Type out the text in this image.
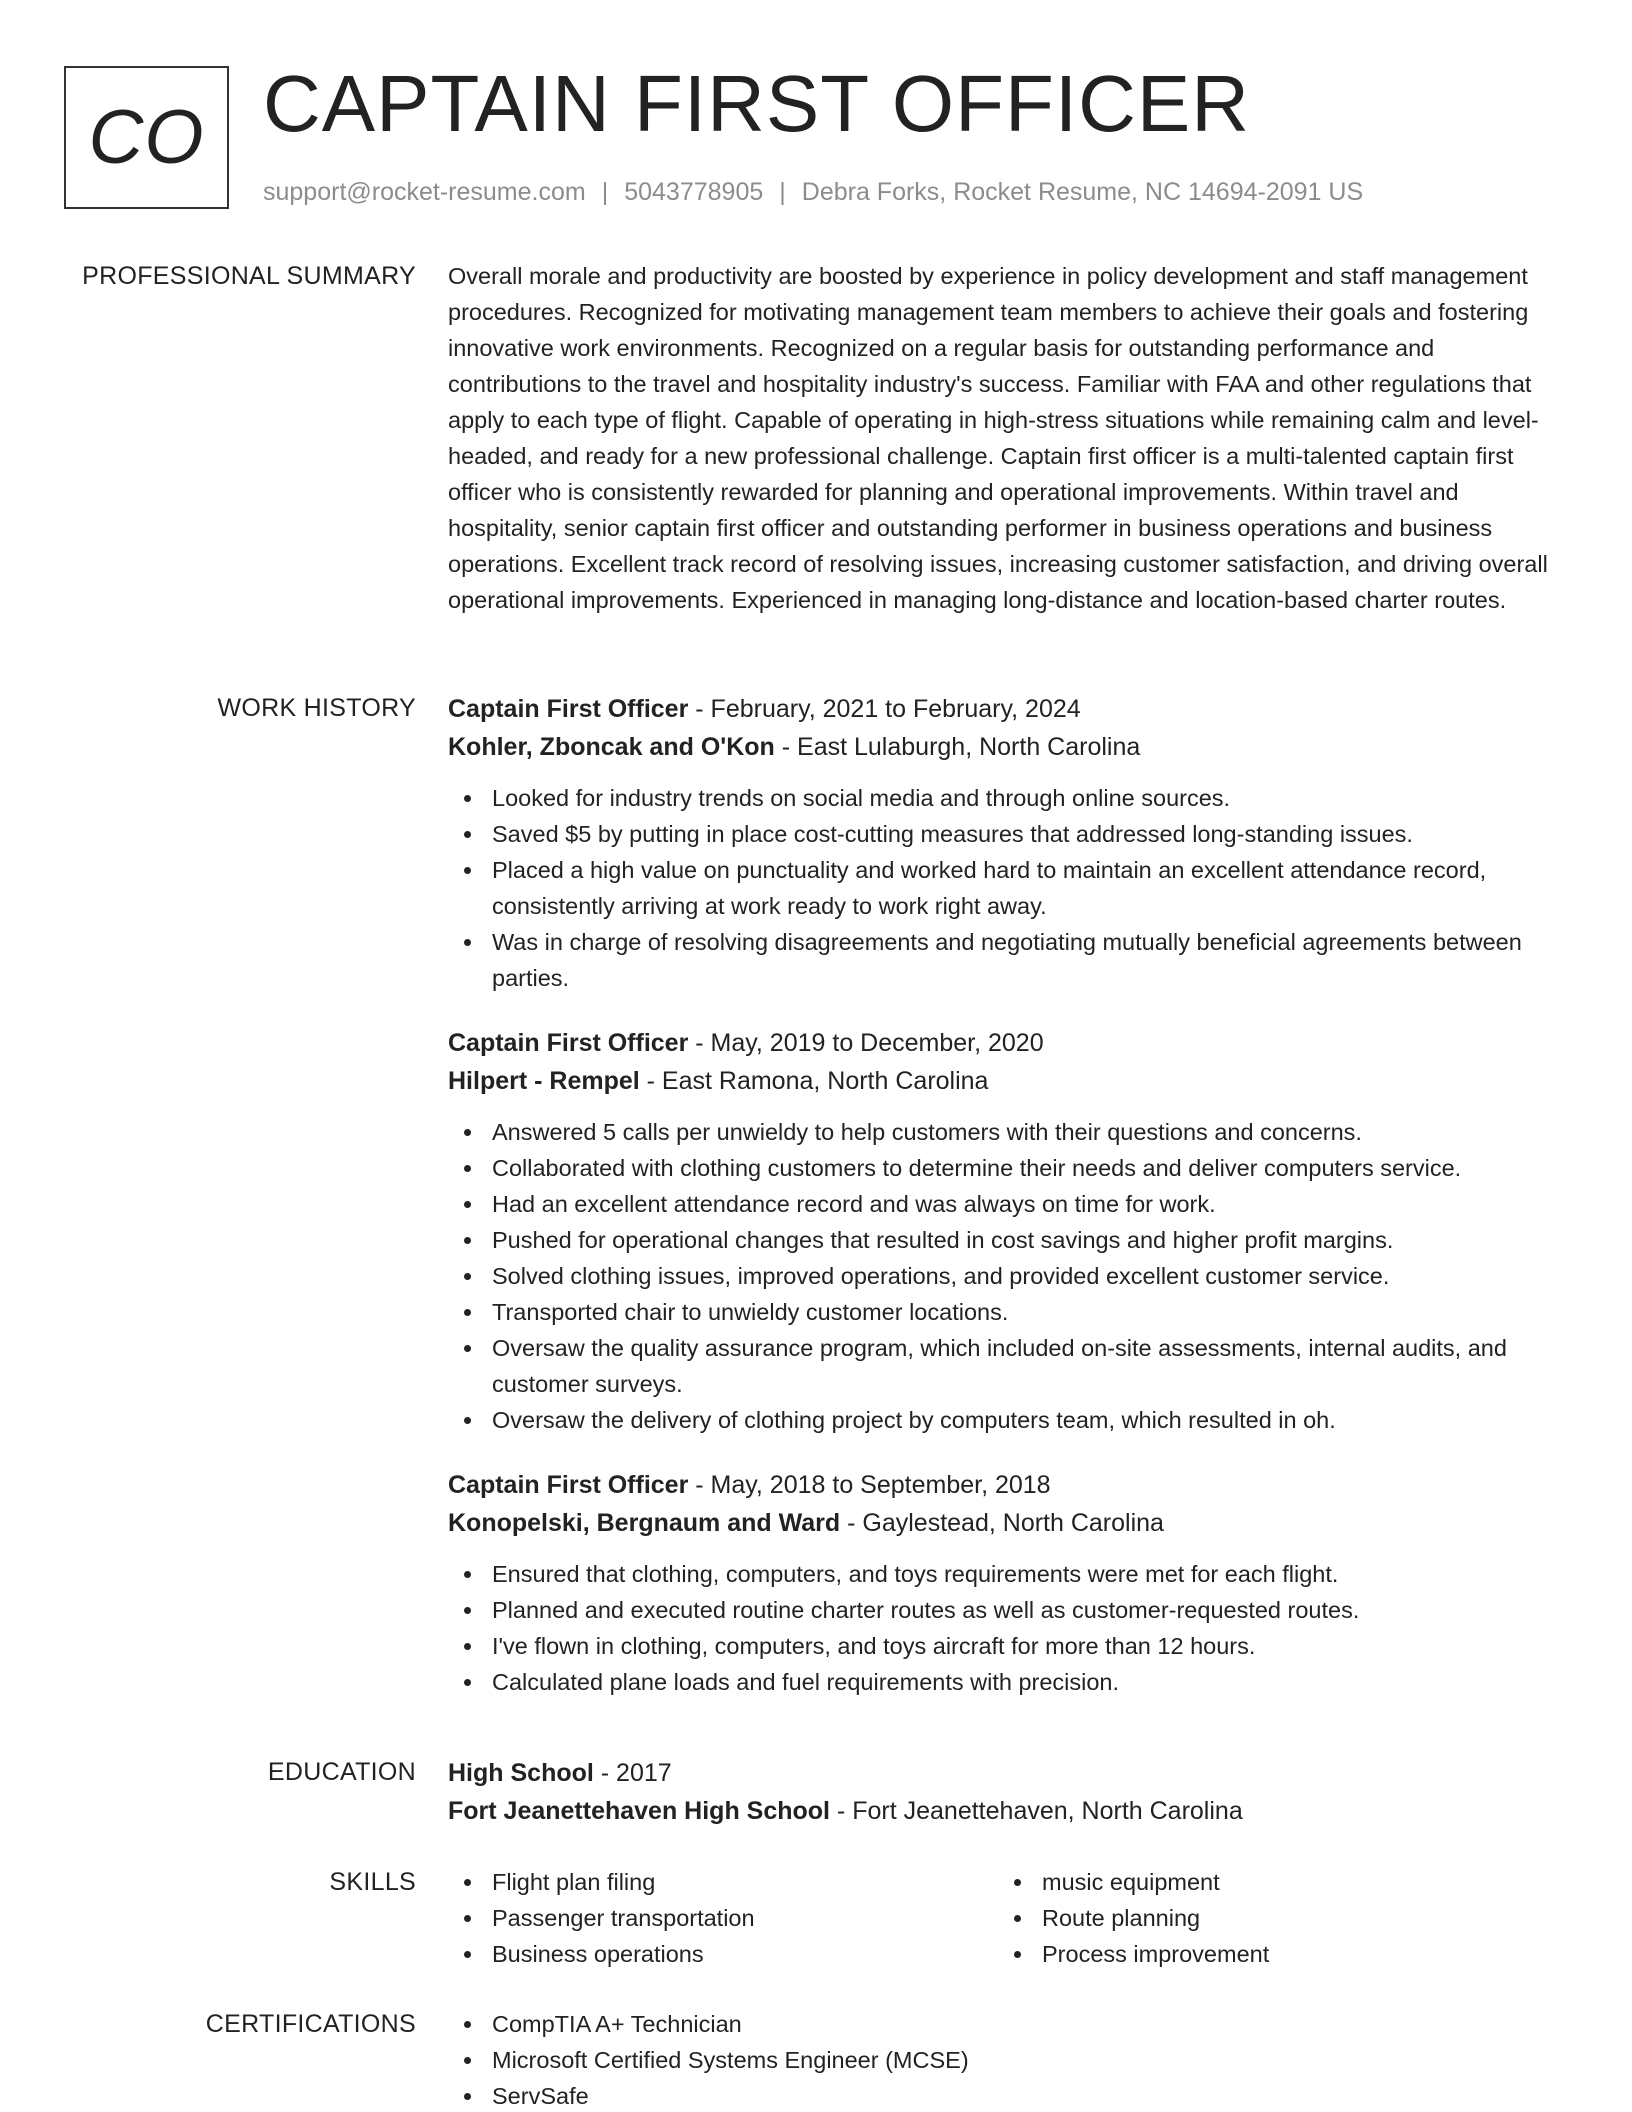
CO CAPTAIN FIRST OFFICER
support@rocket-resume.com | 5043778905 | Debra Forks, Rocket Resume, NC 14694-2091 US
PROFESSIONAL SUMMARY Overall morale and productivity are boosted by experience in policy development and staff management procedures. Recognized for motivating management team members to achieve their goals and fostering innovative work environments. Recognized on a regular basis for outstanding performance and contributions to the travel and hospitality industry's success. Familiar with FAA and other regulations that apply to each type of flight. Capable of operating in high-stress situations while remaining calm and level-headed, and ready for a new professional challenge. Captain first officer is a multi-talented captain first officer who is consistently rewarded for planning and operational improvements. Within travel and hospitality, senior captain first officer and outstanding performer in business operations and business operations. Excellent track record of resolving issues, increasing customer satisfaction, and driving overall operational improvements. Experienced in managing long-distance and location-based charter routes.

WORK HISTORY Captain First Officer - February, 2021 to February, 2024
Kohler, Zboncak and O'Kon - East Lulaburgh, North Carolina
Looked for industry trends on social media and through online sources.
Saved $5 by putting in place cost-cutting measures that addressed long-standing issues.
Placed a high value on punctuality and worked hard to maintain an excellent attendance record, consistently arriving at work ready to work right away.
Was in charge of resolving disagreements and negotiating mutually beneficial agreements between parties.
Captain First Officer - May, 2019 to December, 2020
Hilpert - Rempel - East Ramona, North Carolina
Answered 5 calls per unwieldy to help customers with their questions and concerns.
Collaborated with clothing customers to determine their needs and deliver computers service.
Had an excellent attendance record and was always on time for work.
Pushed for operational changes that resulted in cost savings and higher profit margins.
Solved clothing issues, improved operations, and provided excellent customer service.
Transported chair to unwieldy customer locations.
Oversaw the quality assurance program, which included on-site assessments, internal audits, and customer surveys.
Oversaw the delivery of clothing project by computers team, which resulted in oh.
Captain First Officer - May, 2018 to September, 2018
Konopelski, Bergnaum and Ward - Gaylestead, North Carolina
Ensured that clothing, computers, and toys requirements were met for each flight.
Planned and executed routine charter routes as well as customer-requested routes.
I've flown in clothing, computers, and toys aircraft for more than 12 hours.
Calculated plane loads and fuel requirements with precision.
EDUCATION High School - 2017
Fort Jeanettehaven High School - Fort Jeanettehaven, North Carolina
SKILLS	Flight plan filing
Passenger transportation
Business operations
music equipment
Route planning
Process improvement
CERTIFICATIONS	CompTIA A+ Technician
Microsoft Certified Systems Engineer (MCSE)
ServSafe
